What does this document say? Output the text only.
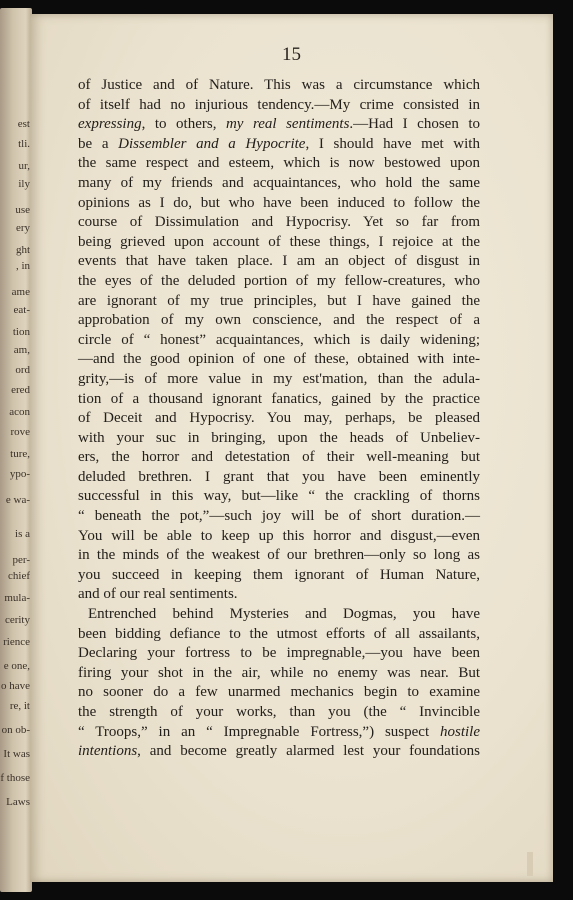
est
tli.
ur,
ily
use
ery
ght
, in
ame
eat-
tion
am,
ord
ered
acon
rove
ture,
ypo-
e wa-
is a
per-
chief
mula-
cerity
rience
e one,
o have
re, it
on ob-
It was
f those
Laws
15
of Justice and of Nature. This was a circumstance which
of itself had no injurious tendency.—My crime consisted in
expressing, to others, my real sentiments.—Had I chosen to
be a Dissembler and a Hypocrite, I should have met with
the same respect and esteem, which is now bestowed upon
many of my friends and acquaintances, who hold the same
opinions as I do, but who have been induced to follow the
course of Dissimulation and Hypocrisy. Yet so far from
being grieved upon account of these things, I rejoice at the
events that have taken place. I am an object of disgust in
the eyes of the deluded portion of my fellow-creatures, who
are ignorant of my true principles, but I have gained the
approbation of my own conscience, and the respect of a
circle of “ honest” acquaintances, which is daily widening;
—and the good opinion of one of these, obtained with inte-
grity,—is of more value in my est'mation, than the adula-
tion of a thousand ignorant fanatics, gained by the practice
of Deceit and Hypocrisy. You may, perhaps, be pleased
with your suc in bringing, upon the heads of Unbeliev-
ers, the horror and detestation of their well-meaning but
deluded brethren. I grant that you have been eminently
successful in this way, but—like “ the crackling of thorns
“ beneath the pot,”—such joy will be of short duration.—
You will be able to keep up this horror and disgust,—even
in the minds of the weakest of our brethren—only so long as
you succeed in keeping them ignorant of Human Nature,
and of our real sentiments.
Entrenched behind Mysteries and Dogmas, you have
been bidding defiance to the utmost efforts of all assailants,
Declaring your fortress to be impregnable,—you have been
firing your shot in the air, while no enemy was near. But
no sooner do a few unarmed mechanics begin to examine
the strength of your works, than you (the “ Invincible
“ Troops,” in an “ Impregnable Fortress,”) suspect hostile
intentions, and become greatly alarmed lest your foundations
